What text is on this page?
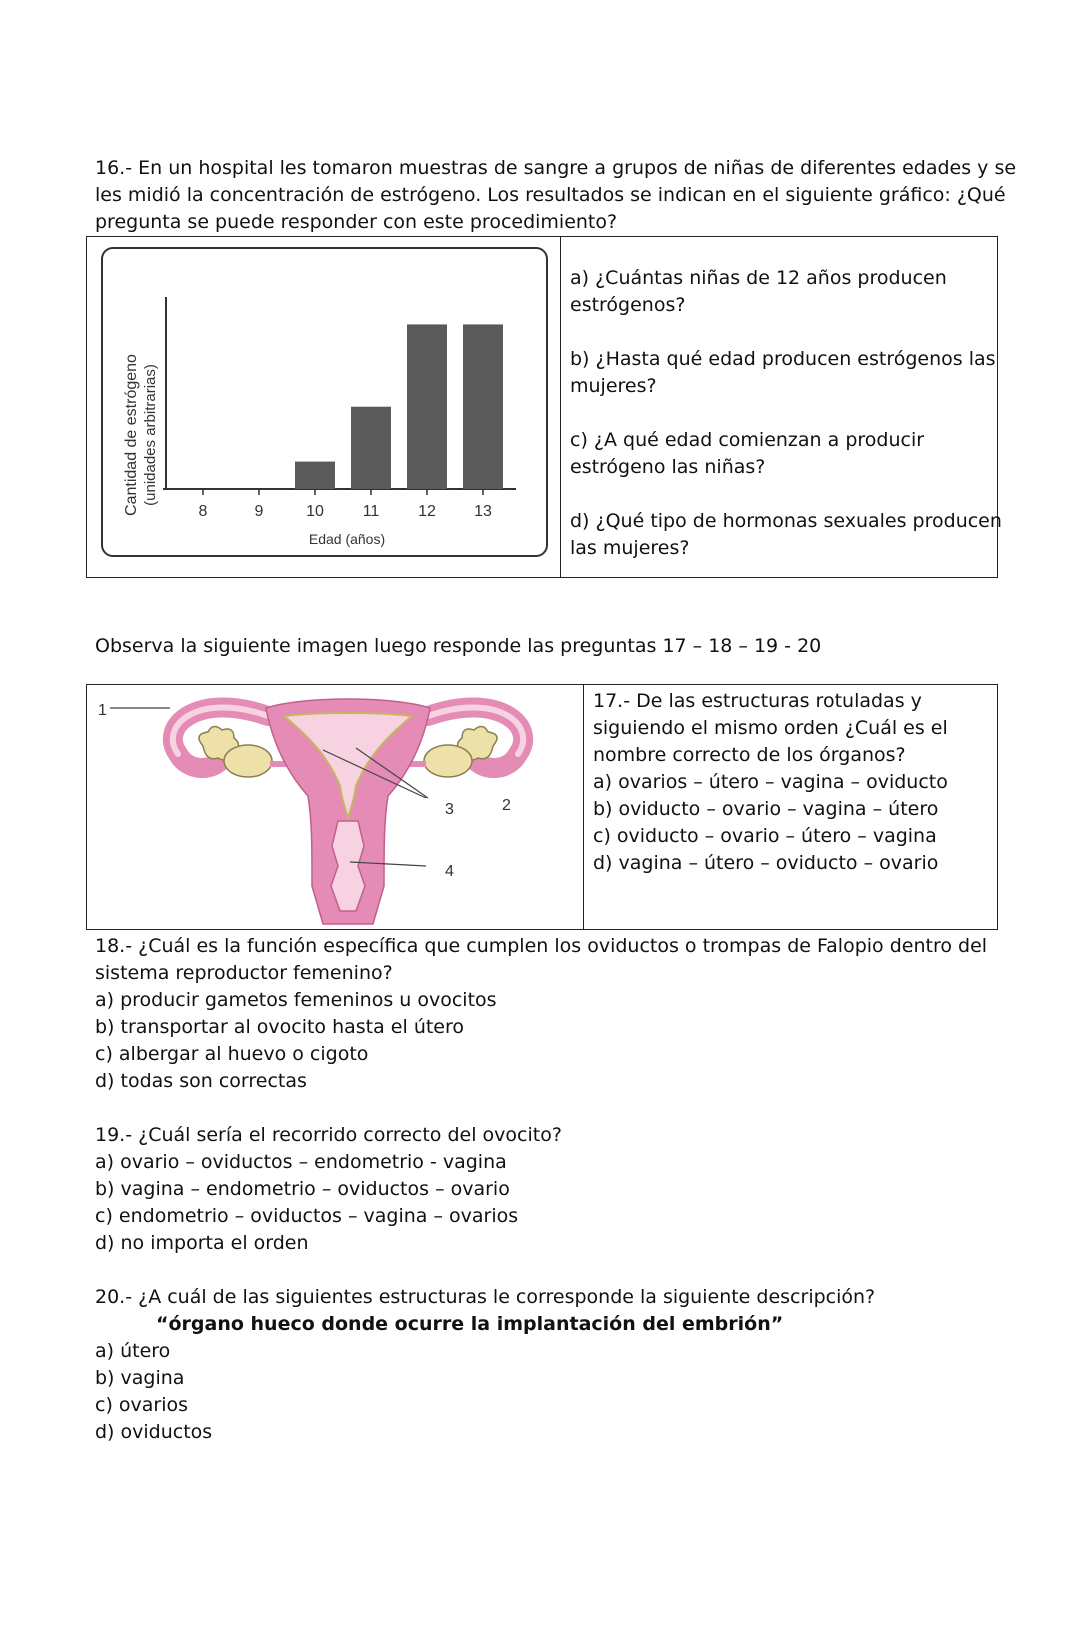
16.- En un hospital les tomaron muestras de sangre a grupos de niñas de diferentes edades y se
les midió la concentración de estrógeno. Los resultados se indican en el siguiente gráfico: ¿Qué
pregunta se puede responder con este procedimiento?
Cantidad de estrógeno (unidades arbitrarias)
8	9	10 11 12 13
Edad (años)
a) ¿Cuántas niñas de 12 años producen
estrógenos?
b) ¿Hasta qué edad producen estrógenos las
mujeres?
c) ¿A qué edad comienzan a producir
estrógeno las niñas?
d) ¿Qué tipo de hormonas sexuales producen
las mujeres?
Observa la siguiente imagen luego responde las preguntas 17 – 18 – 19 - 20
1
2
3
4
17.- De las estructuras rotuladas y
siguiendo el mismo orden ¿Cuál es el
nombre correcto de los órganos?
a) ovarios – útero – vagina – oviducto
b) oviducto – ovario – vagina – útero
c) oviducto – ovario – útero – vagina
d) vagina – útero – oviducto – ovario
18.- ¿Cuál es la función específica que cumplen los oviductos o trompas de Falopio dentro del
sistema reproductor femenino?
a) producir gametos femeninos u ovocitos
b) transportar al ovocito hasta el útero
c) albergar al huevo o cigoto
d) todas son correctas
19.- ¿Cuál sería el recorrido correcto del ovocito?
a) ovario – oviductos – endometrio - vagina
b) vagina – endometrio – oviductos – ovario
c) endometrio – oviductos – vagina – ovarios
d) no importa el orden
20.- ¿A cuál de las siguientes estructuras le corresponde la siguiente descripción?
“órgano hueco donde ocurre la implantación del embrión”
a) útero
b) vagina
c) ovarios
d) oviductos
